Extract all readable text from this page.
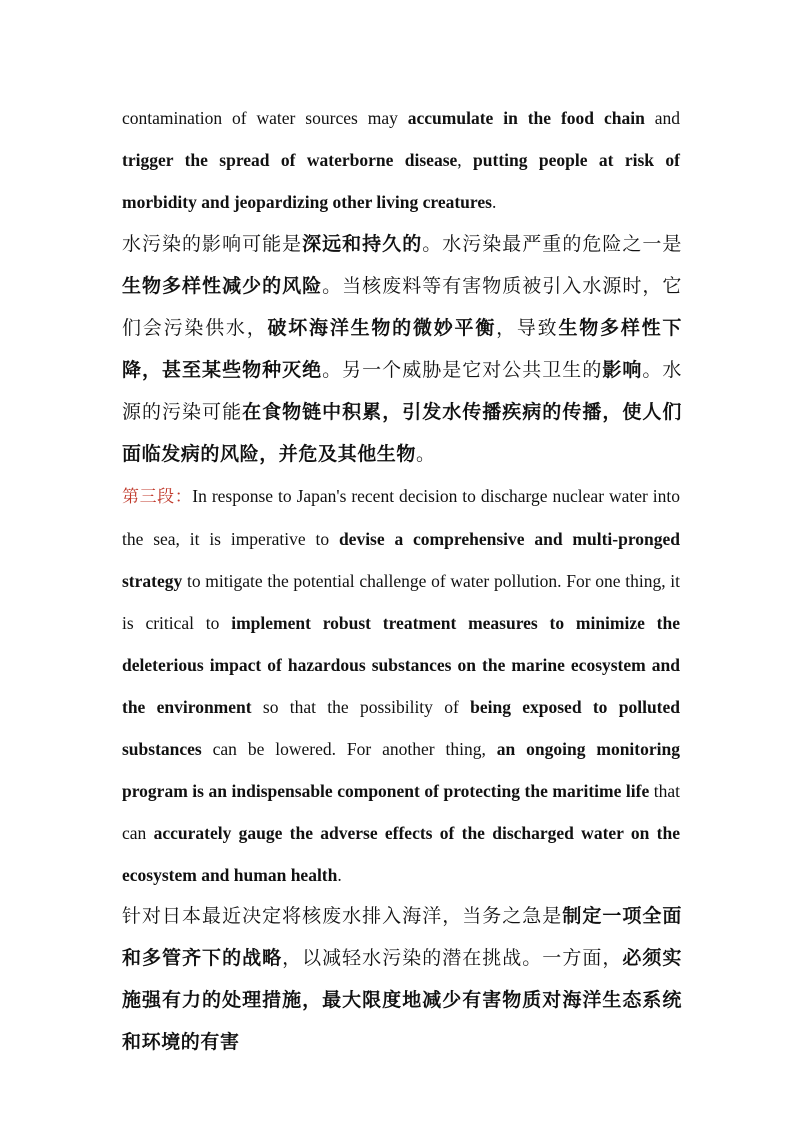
contamination of water sources may accumulate in the food chain and trigger the spread of waterborne disease, putting people at risk of morbidity and jeopardizing other living creatures.

水污染的影响可能是深远和持久的。水污染最严重的危险之一是生物多样性减少的风险。当核废料等有害物质被引入水源时，它们会污染供水，破坏海洋生物的微妙平衡，导致生物多样性下降，甚至某些物种灭绝。另一个威胁是它对公共卫生的影响。水源的污染可能在食物链中积累，引发水传播疾病的传播，使人们面临发病的风险，并危及其他生物。

第三段：In response to Japan's recent decision to discharge nuclear water into the sea, it is imperative to devise a comprehensive and multi-pronged strategy to mitigate the potential challenge of water pollution. For one thing, it is critical to implement robust treatment measures to minimize the deleterious impact of hazardous substances on the marine ecosystem and the environment so that the possibility of being exposed to polluted substances can be lowered. For another thing, an ongoing monitoring program is an indispensable component of protecting the maritime life that can accurately gauge the adverse effects of the discharged water on the ecosystem and human health.

针对日本最近决定将核废水排入海洋，当务之急是制定一项全面和多管齐下的战略，以减轻水污染的潜在挑战。一方面，必须实施强有力的处理措施，最大限度地减少有害物质对海洋生态系统和环境的有害
